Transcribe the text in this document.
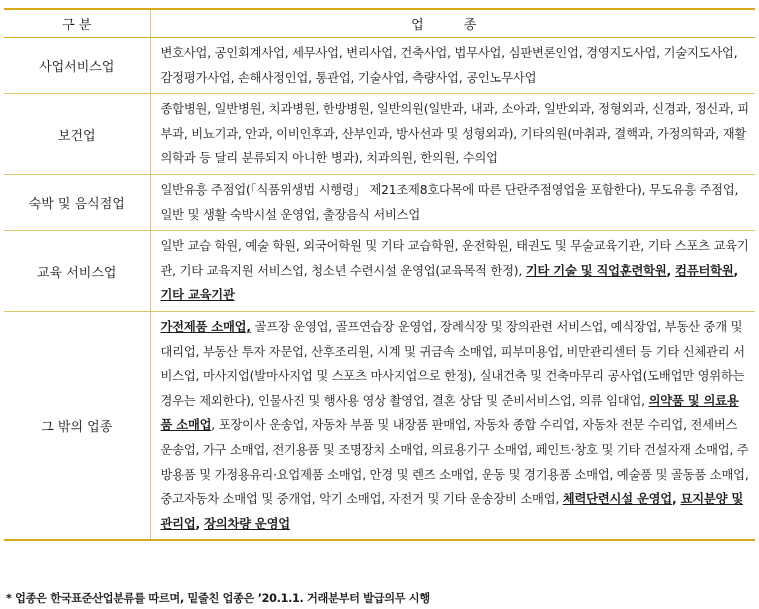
구 분	업 종
사업서비스업	변호사업, 공인회계사업, 세무사업, 변리사업, 건축사업, 법무사업, 심판변론인업, 경영지도사업, 기술지도사업, 감정평가사업, 손해사정인업, 통관업, 기술사업, 측량사업, 공인노무사업
보건업	종합병원, 일반병원, 치과병원, 한방병원, 일반의원(일반과, 내과, 소아과, 일반외과, 정형외과, 신경과, 정신과, 피부과, 비뇨기과, 안과, 이비인후과, 산부인과, 방사선과 및 성형외과), 기타의원(마취과, 결핵과, 가정의학과, 재활의학과 등 달리 분류되지 아니한 병과), 치과의원, 한의원, 수의업
숙박 및 음식점업	일반유흥 주점업(「식품위생법 시행령」 제21조제8호다목에 따른 단란주점영업을 포함한다), 무도유흥 주점업, 일반 및 생활 숙박시설 운영업, 출장음식 서비스업
교육 서비스업	일반 교습 학원, 예술 학원, 외국어학원 및 기타 교습학원, 운전학원, 태권도 및 무술교육기관, 기타 스포츠 교육기관, 기타 교육지원 서비스업, 청소년 수련시설 운영업(교육목적 한정), 기타 기술 및 직업훈련학원, 컴퓨터학원, 기타 교육기관
그 밖의 업종	가전제품 소매업, 골프장 운영업, 골프연습장 운영업, 장례식장 및 장의관련 서비스업, 예식장업, 부동산 중개 및 대리업, 부동산 투자 자문업, 산후조리원, 시계 및 귀금속 소매업, 피부미용업, 비만관리센터 등 기타 신체관리 서비스업, 마사지업(발마사지업 및 스포츠 마사지업으로 한정), 실내건축 및 건축마무리 공사업(도배업만 영위하는 경우는 제외한다), 인물사진 및 행사용 영상 촬영업, 결혼 상담 및 준비서비스업, 의류 임대업, 의약품 및 의료용품 소매업, 포장이사 운송업, 자동차 부품 및 내장품 판매업, 자동차 종합 수리업, 자동차 전문 수리업, 전세버스 운송업, 가구 소매업, 전기용품 및 조명장치 소매업, 의료용기구 소매업, 페인트·창호 및 기타 건설자재 소매업, 주방용품 및 가정용유리·요업제품 소매업, 안경 및 렌즈 소매업, 운동 및 경기용품 소매업, 예술품 및 골동품 소매업, 중고자동차 소매업 및 중개업, 악기 소매업, 자전거 및 기타 운송장비 소매업, 체력단련시설 운영업, 묘지분양 및 관리업, 장의차량 운영업
* 업종은 한국표준산업분류를 따르며, 밑줄친 업종은 ’20.1.1. 거래분부터 발급의무 시행
